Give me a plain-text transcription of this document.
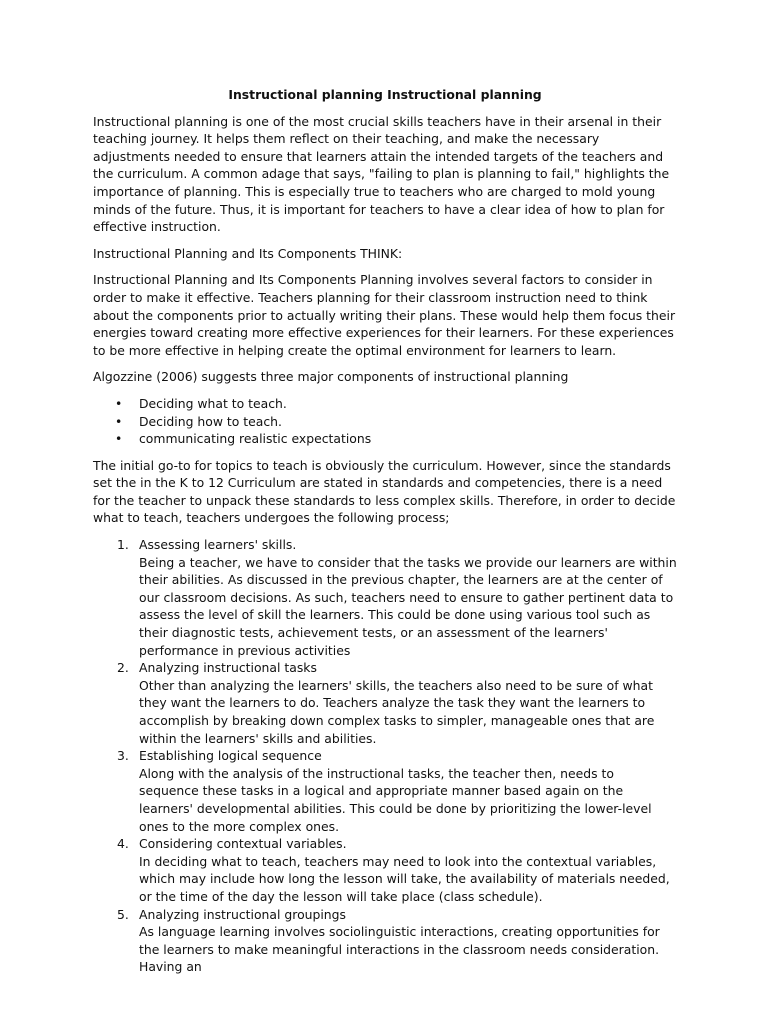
Instructional planning Instructional planning

Instructional planning is one of the most crucial skills teachers have in their arsenal in their teaching journey. It helps them reflect on their teaching, and make the necessary adjustments needed to ensure that learners attain the intended targets of the teachers and the curriculum. A common adage that says, "failing to plan is planning to fail," highlights the importance of planning. This is especially true to teachers who are charged to mold young minds of the future. Thus, it is important for teachers to have a clear idea of how to plan for effective instruction.

Instructional Planning and Its Components THINK:

Instructional Planning and Its Components Planning involves several factors to consider in order to make it effective. Teachers planning for their classroom instruction need to think about the components prior to actually writing their plans. These would help them focus their energies toward creating more effective experiences for their learners. For these experiences to be more effective in helping create the optimal environment for learners to learn.

Algozzine (2006) suggests three major components of instructional planning

• Deciding what to teach.
• Deciding how to teach.
• communicating realistic expectations

The initial go-to for topics to teach is obviously the curriculum. However, since the standards set the in the K to 12 Curriculum are stated in standards and competencies, there is a need for the teacher to unpack these standards to less complex skills. Therefore, in order to decide what to teach, teachers undergoes the following process;

1. Assessing learners' skills.
Being a teacher, we have to consider that the tasks we provide our learners are within their abilities. As discussed in the previous chapter, the learners are at the center of our classroom decisions. As such, teachers need to ensure to gather pertinent data to assess the level of skill the learners. This could be done using various tool such as their diagnostic tests, achievement tests, or an assessment of the learners' performance in previous activities
2. Analyzing instructional tasks
Other than analyzing the learners' skills, the teachers also need to be sure of what they want the learners to do. Teachers analyze the task they want the learners to accomplish by breaking down complex tasks to simpler, manageable ones that are within the learners' skills and abilities.
3. Establishing logical sequence
Along with the analysis of the instructional tasks, the teacher then, needs to sequence these tasks in a logical and appropriate manner based again on the learners' developmental abilities. This could be done by prioritizing the lower-level ones to the more complex ones.
4. Considering contextual variables.
In deciding what to teach, teachers may need to look into the contextual variables, which may include how long the lesson will take, the availability of materials needed, or the time of the day the lesson will take place (class schedule).
5. Analyzing instructional groupings
As language learning involves sociolinguistic interactions, creating opportunities for the learners to make meaningful interactions in the classroom needs consideration. Having an
